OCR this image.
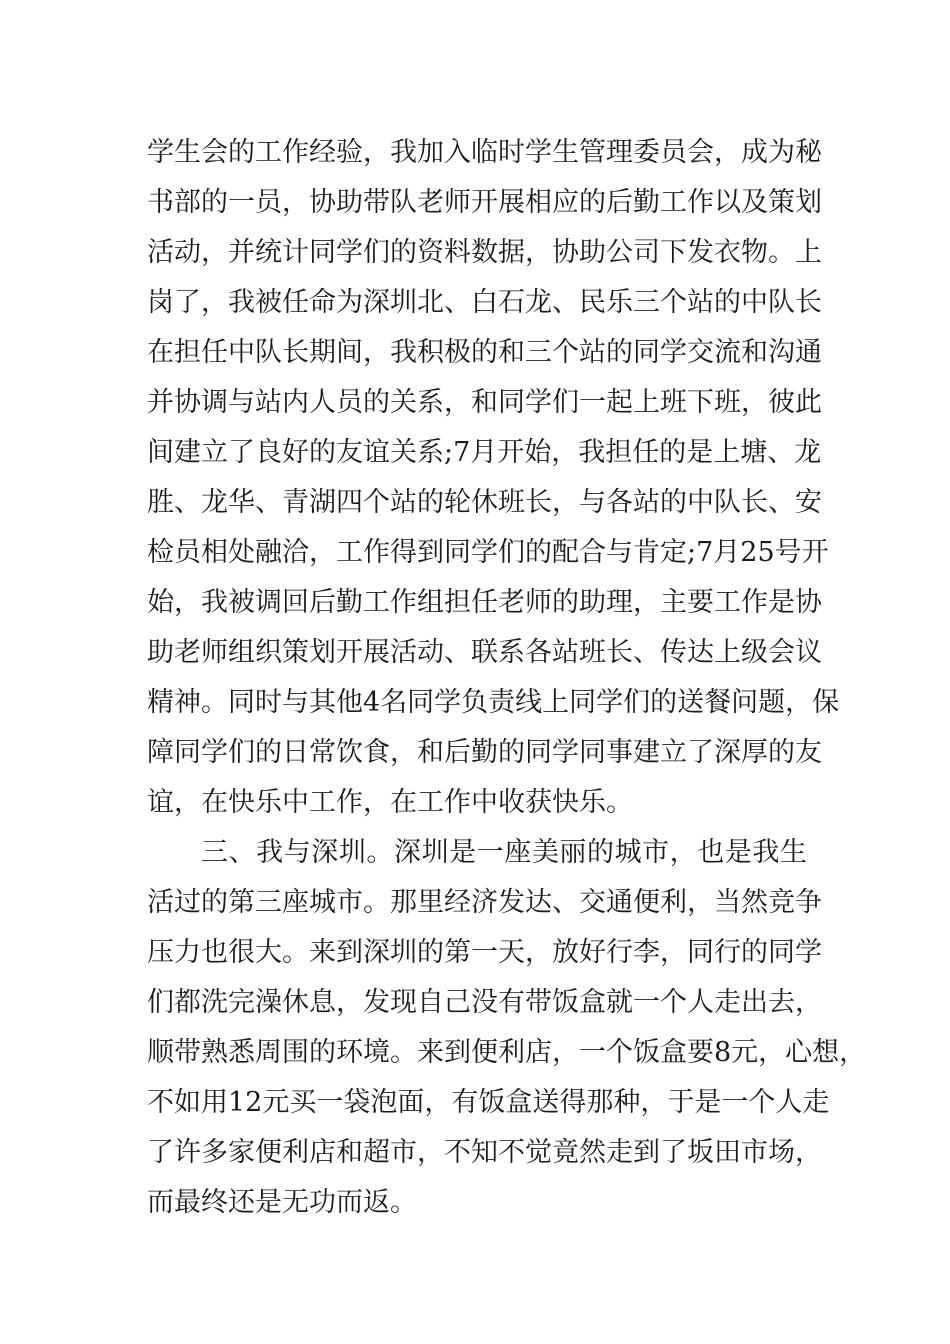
学生会的工作经验，我加入临时学生管理委员会，成为秘
书部的一员，协助带队老师开展相应的后勤工作以及策划
活动，并统计同学们的资料数据，协助公司下发衣物。上
岗了，我被任命为深圳北、白石龙、民乐三个站的中队长
在担任中队长期间，我积极的和三个站的同学交流和沟通
并协调与站内人员的关系，和同学们一起上班下班，彼此
间建立了良好的友谊关系;7月开始，我担任的是上塘、龙
胜、龙华、青湖四个站的轮休班长，与各站的中队长、安
检员相处融洽，工作得到同学们的配合与肯定;7月25号开
始，我被调回后勤工作组担任老师的助理，主要工作是协
助老师组织策划开展活动、联系各站班长、传达上级会议
精神。同时与其他4名同学负责线上同学们的送餐问题，保
障同学们的日常饮食，和后勤的同学同事建立了深厚的友
谊，在快乐中工作，在工作中收获快乐。
三、我与深圳。深圳是一座美丽的城市，也是我生
活过的第三座城市。那里经济发达、交通便利，当然竞争
压力也很大。来到深圳的第一天，放好行李，同行的同学
们都洗完澡休息，发现自己没有带饭盒就一个人走出去，
顺带熟悉周围的环境。来到便利店，一个饭盒要8元，心想，
不如用12元买一袋泡面，有饭盒送得那种，于是一个人走
了许多家便利店和超市，不知不觉竟然走到了坂田市场，
而最终还是无功而返。
